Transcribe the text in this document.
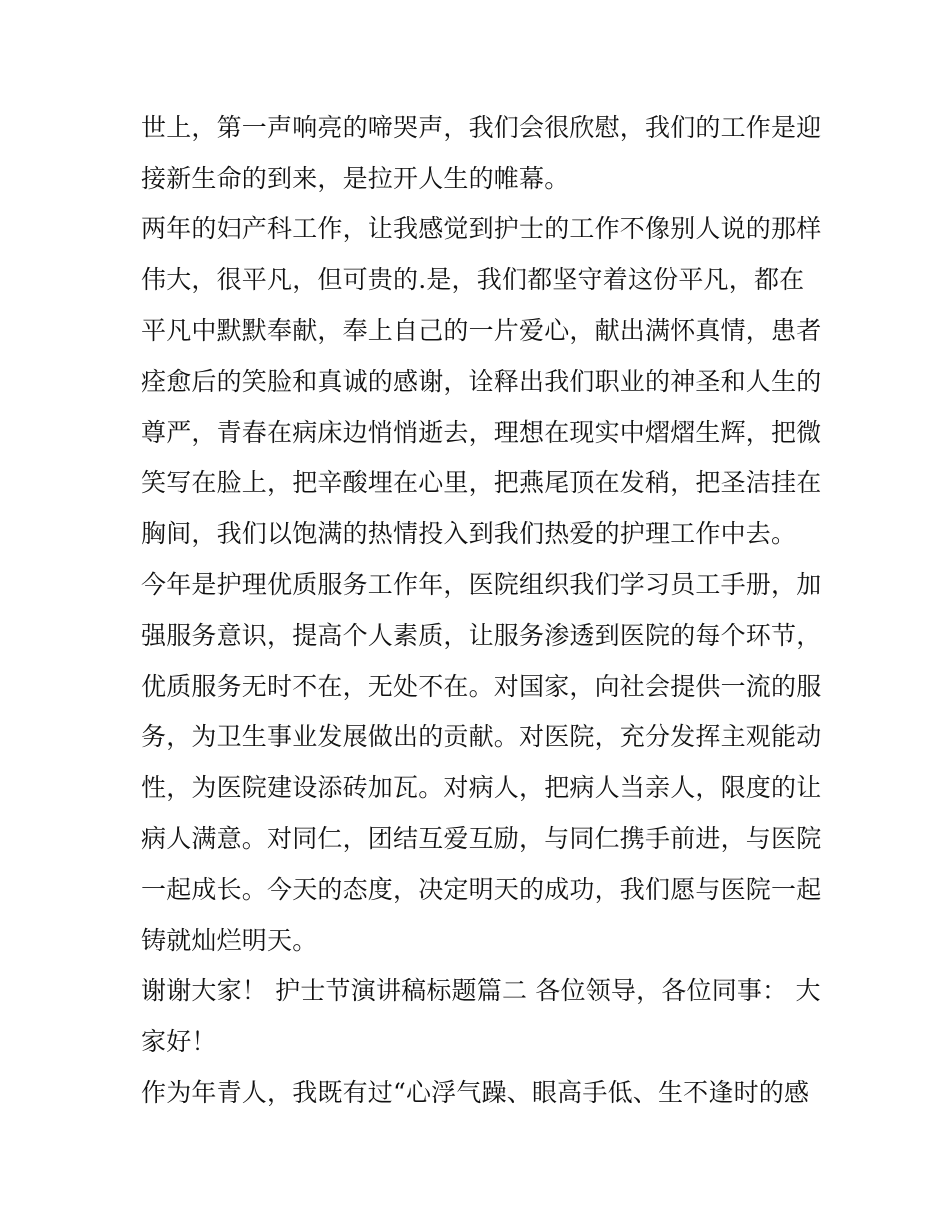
世上，第一声响亮的啼哭声，我们会很欣慰，我们的工作是迎
接新生命的到来，是拉开人生的帷幕。
两年的妇产科工作，让我感觉到护士的工作不像别人说的那样
伟大，很平凡，但可贵的.是，我们都坚守着这份平凡，都在
平凡中默默奉献，奉上自己的一片爱心，献出满怀真情，患者
痊愈后的笑脸和真诚的感谢，诠释出我们职业的神圣和人生的
尊严，青春在病床边悄悄逝去，理想在现实中熠熠生辉，把微
笑写在脸上，把辛酸埋在心里，把燕尾顶在发稍，把圣洁挂在
胸间，我们以饱满的热情投入到我们热爱的护理工作中去。
今年是护理优质服务工作年，医院组织我们学习员工手册，加
强服务意识，提高个人素质，让服务渗透到医院的每个环节，
优质服务无时不在，无处不在。对国家，向社会提供一流的服
务，为卫生事业发展做出的贡献。对医院，充分发挥主观能动
性，为医院建设添砖加瓦。对病人，把病人当亲人，限度的让
病人满意。对同仁，团结互爱互励，与同仁携手前进，与医院
一起成长。今天的态度，决定明天的成功，我们愿与医院一起
铸就灿烂明天。
谢谢大家！ 护士节演讲稿标题篇二 各位领导，各位同事： 大
家好！
作为年青人，我既有过“心浮气躁、眼高手低、生不逢时的感
